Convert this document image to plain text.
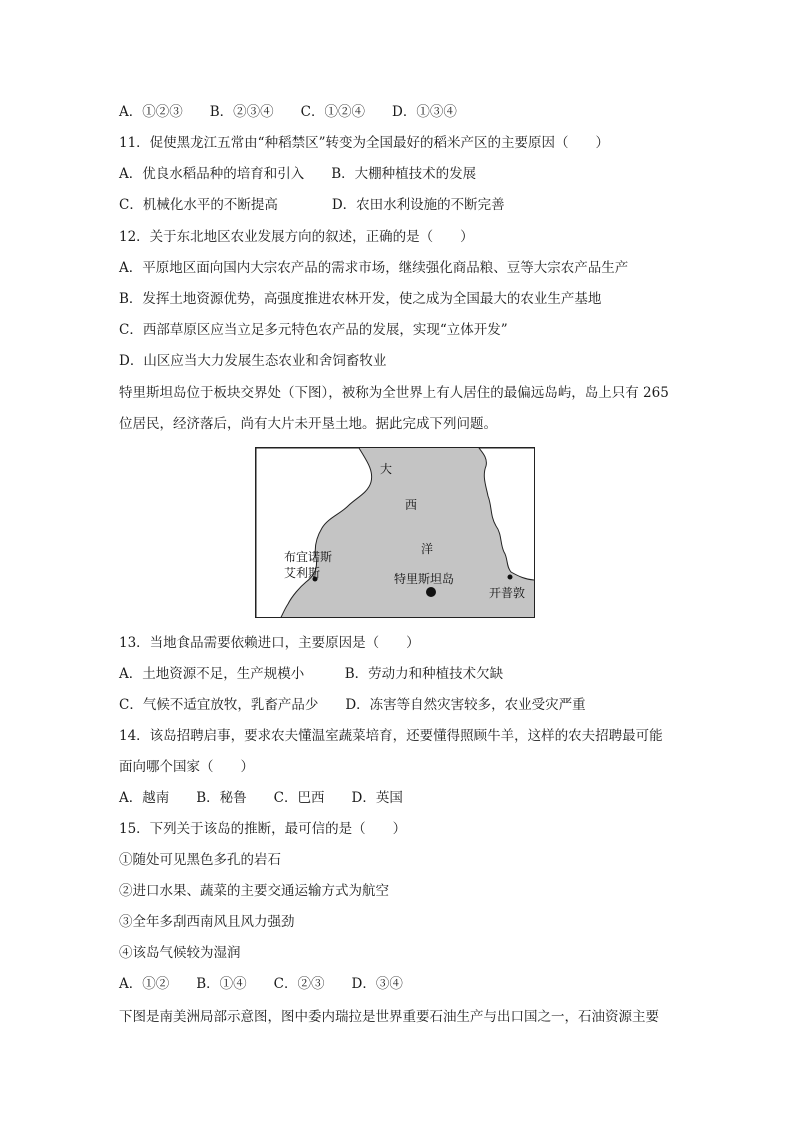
A．①②③　　B．②③④　　C．①②④　　D．①③④
11．促使黑龙江五常由“种稻禁区”转变为全国最好的稻米产区的主要原因（　　）
A．优良水稻品种的培育和引入　　B．大棚种植技术的发展
C．机械化水平的不断提高　　　　D．农田水利设施的不断完善
12．关于东北地区农业发展方向的叙述，正确的是（　　）
A．平原地区面向国内大宗农产品的需求市场，继续强化商品粮、豆等大宗农产品生产
B．发挥土地资源优势，高强度推进农林开发，使之成为全国最大的农业生产基地
C．西部草原区应当立足多元特色农产品的发展，实现“立体开发”
D．山区应当大力发展生态农业和舍饲畜牧业
特里斯坦岛位于板块交界处（下图），被称为全世界上有人居住的最偏远岛屿，岛上只有 265
位居民，经济落后，尚有大片未开垦土地。据此完成下列问题。
大
西
洋
布宜诺斯
艾利斯	特里斯坦岛
开普敦
13．当地食品需要依赖进口，主要原因是（　　）
A．土地资源不足，生产规模小　　　B．劳动力和种植技术欠缺
C．气候不适宜放牧，乳畜产品少　　D．冻害等自然灾害较多，农业受灾严重
14．该岛招聘启事，要求农夫懂温室蔬菜培育，还要懂得照顾牛羊，这样的农夫招聘最可能
面向哪个国家（　　）
A．越南　　B．秘鲁　　C．巴西　　D．英国
15．下列关于该岛的推断，最可信的是（　　）
①随处可见黑色多孔的岩石
②进口水果、蔬菜的主要交通运输方式为航空
③全年多刮西南风且风力强劲
④该岛气候较为湿润
A．①②　　B．①④　　C．②③　　D．③④
下图是南美洲局部示意图，图中委内瑞拉是世界重要石油生产与出口国之一，石油资源主要
